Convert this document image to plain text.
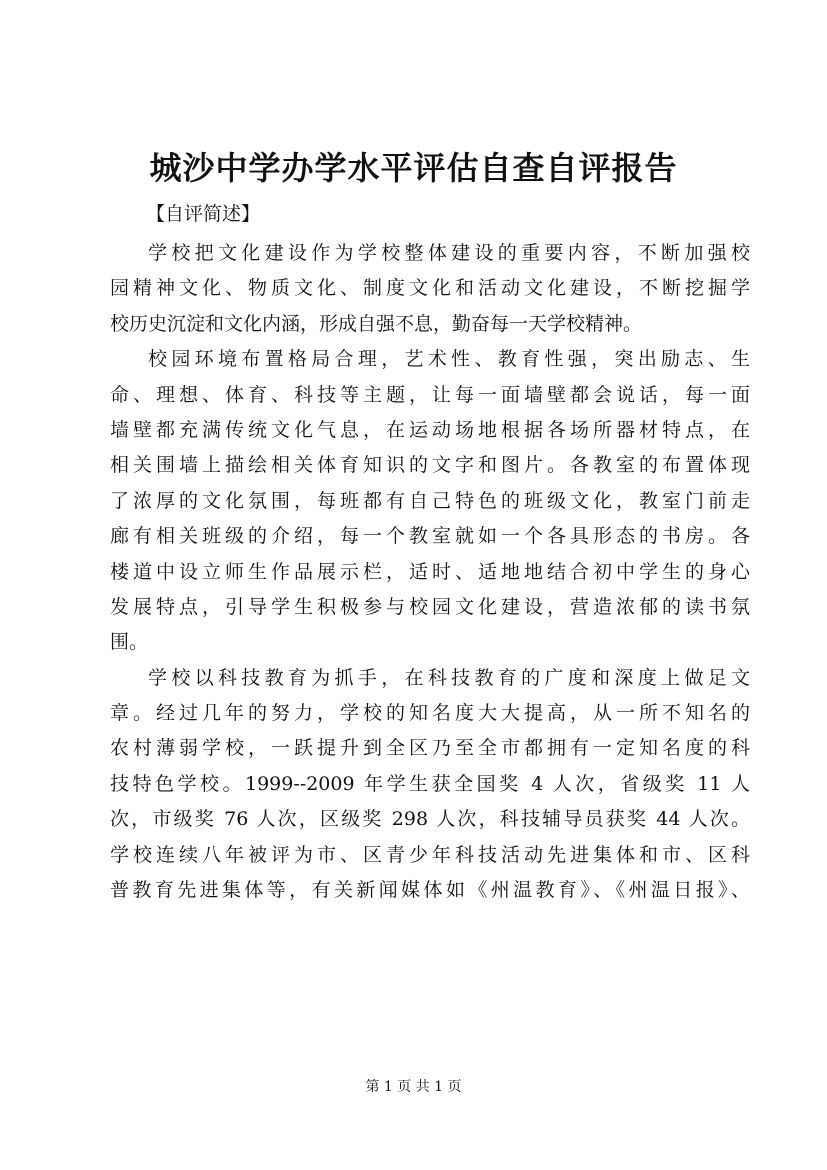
城沙中学办学水平评估自查自评报告
【自评简述】
学校把文化建设作为学校整体建设的重要内容，不断加强校
园精神文化、物质文化、制度文化和活动文化建设，不断挖掘学
校历史沉淀和文化内涵，形成自强不息，勤奋每一天学校精神。
校园环境布置格局合理，艺术性、教育性强，突出励志、生
命、理想、体育、科技等主题，让每一面墙壁都会说话，每一面
墙壁都充满传统文化气息，在运动场地根据各场所器材特点，在
相关围墙上描绘相关体育知识的文字和图片。各教室的布置体现
了浓厚的文化氛围，每班都有自己特色的班级文化，教室门前走
廊有相关班级的介绍，每一个教室就如一个各具形态的书房。各
楼道中设立师生作品展示栏，适时、适地地结合初中学生的身心
发展特点，引导学生积极参与校园文化建设，营造浓郁的读书氛
围。
学校以科技教育为抓手，在科技教育的广度和深度上做足文
章。经过几年的努力，学校的知名度大大提高，从一所不知名的
农村薄弱学校，一跃提升到全区乃至全市都拥有一定知名度的科
技特色学校。1999--2009 年学生获全国奖 4 人次，省级奖 11 人
次，市级奖 76 人次，区级奖 298 人次，科技辅导员获奖 44 人次。
学校连续八年被评为市、区青少年科技活动先进集体和市、区科
普教育先进集体等，有关新闻媒体如《州温教育》、《州温日报》、
第 1 页 共 1 页
